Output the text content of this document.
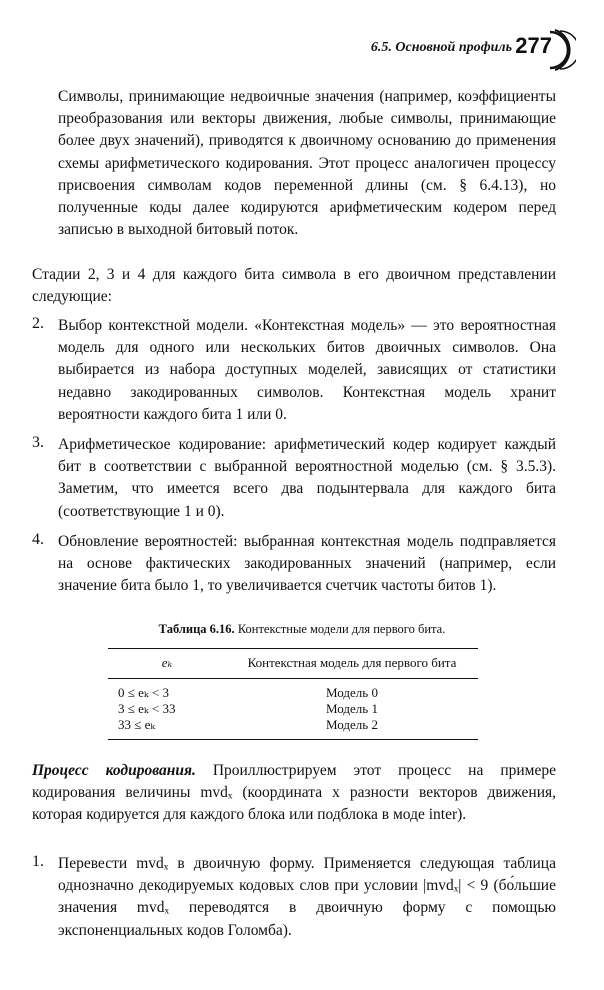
6.5. Основной профиль 277

Символы, принимающие недвоичные значения (например, коэффициенты преобразования или векторы движения, любые символы, принимающие более двух значений), приводятся к двоичному основанию до применения схемы арифметического кодирования. Этот процесс аналогичен процессу присвоения символам кодов переменной длины (см. § 6.4.13), но полученные коды далее кодируются арифметическим кодером перед записью в выходной битовый поток.

Стадии 2, 3 и 4 для каждого бита символа в его двоичном представлении следующие:

2. Выбор контекстной модели. «Контекстная модель» — это вероятностная модель для одного или нескольких битов двоичных символов. Она выбирается из набора доступных моделей, зависящих от статистики недавно закодированных символов. Контекстная модель хранит вероятности каждого бита 1 или 0.
3. Арифметическое кодирование: арифметический кодер кодирует каждый бит в соответствии с выбранной вероятностной моделью (см. § 3.5.3). Заметим, что имеется всего два подынтервала для каждого бита (соответствующие 1 и 0).
4. Обновление вероятностей: выбранная контекстная модель подправляется на основе фактических закодированных значений (например, если значение бита было 1, то увеличивается счетчик частоты битов 1).
Таблица 6.16. Контекстные модели для первого бита.
eₖ	Контекстная модель для первого бита
0 ≤ eₖ < 3	Модель 0
3 ≤ eₖ < 33	Модель 1
33 ≤ eₖ	Модель 2

Процесс кодирования. Проиллюстрируем этот процесс на примере кодирования величины mvdₓ (координата x разности векторов движения, которая кодируется для каждого блока или подблока в моде inter).

1. Перевести mvdₓ в двоичную форму. Применяется следующая таблица однозначно декодируемых кодовых слов при условии |mvdₓ| < 9 (бо́льшие значения mvdₓ переводятся в двоичную форму с помощью экспоненциальных кодов Голомба).
